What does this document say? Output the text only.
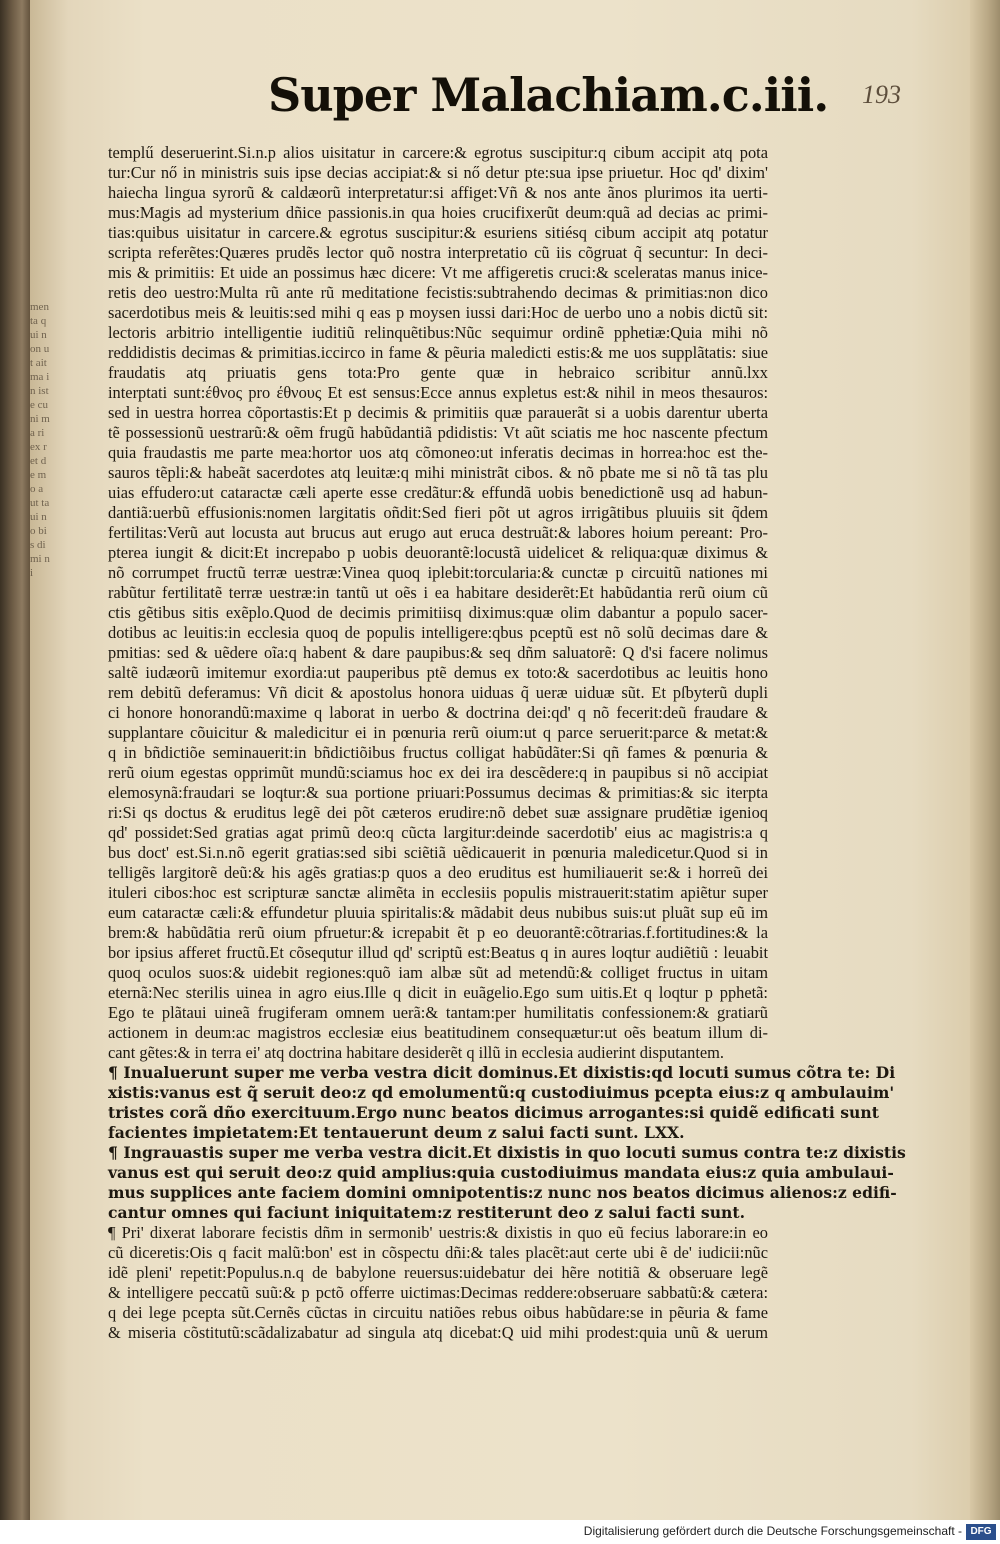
menta qui non ut ait ma in iste cu ni ma ri ex ret de mo a ut ta ui no bis di mi ni
Super Malachiam.c.iii. 193
templű deseruerint.Si.n.p alios uisitatur in carcere:& egrotus suscipitur:q cibum accipit atq pota
tur:Cur nő in ministris suis ipse decias accipiat:& si nő detur pte:sua ipse priuetur. Hoc qd' dixim'
haiecha lingua syrorũ & caldæorũ interpretatur:si affiget:Vñ & nos ante ãnos plurimos ita uerti-
mus:Magis ad mysterium dñice passionis.in qua hoies crucifixerũt deum:quã ad decias ac primi-
tias:quibus uisitatur in carcere.& egrotus suscipitur:& esuriens sitiésq cibum accipit atq potatur
scripta referẽtes:Quæres prudẽs lector quõ nostra interpretatio cũ iis cõgruat q̃ secuntur: In deci-
mis & primitiis: Et uide an possimus hæc dicere: Vt me affigeretis cruci:& sceleratas manus inice-
retis deo uestro:Multa rũ ante rũ meditatione fecistis:subtrahendo decimas & primitias:non dico
sacerdotibus meis & leuitis:sed mihi q eas p moysen iussi dari:Hoc de uerbo uno a nobis dictũ sit:
lectoris arbitrio intelligentie iuditiũ relinquẽtibus:Nũc sequimur ordinẽ pphetiæ:Quia mihi nõ
reddidistis decimas & primitias.iccirco in fame & pẽuria maledicti estis:& me uos supplãtatis: siue
fraudatis atq priuatis gens tota:Pro gente quæ in hebraico scribitur annũ.lxx
interptati sunt:έθνος pro έθνους Et est sensus:Ecce annus expletus est:& nihil in meos thesauros:
sed in uestra horrea cõportastis:Et p decimis & primitiis quæ parauerãt si a uobis darentur uberta
tẽ possessionũ uestrarũ:& oẽm frugũ habũdantiã pdidistis: Vt aũt sciatis me hoc nascente pfectum
quia fraudastis me parte mea:hortor uos atq cõmoneo:ut inferatis decimas in horrea:hoc est the-
sauros tẽpli:& habeãt sacerdotes atq leuitæ:q mihi ministrãt cibos. & nõ pbate me si nõ tã tas plu
uias effudero:ut cataractæ cæli aperte esse credãtur:& effundã uobis benedictionẽ usq ad habun-
dantiã:uerbũ effusionis:nomen largitatis oñdit:Sed fieri põt ut agros irrigãtibus pluuiis sit q̃dem
fertilitas:Verũ aut locusta aut brucus aut erugo aut eruca destruãt:& labores hoium pereant: Pro-
pterea iungit & dicit:Et increpabo p uobis deuorantẽ:locustã uidelicet & reliqua:quæ diximus &
nõ corrumpet fructũ terræ uestræ:Vinea quoq iplebit:torcularia:& cunctæ p circuitũ nationes mi
rabũtur fertilitatẽ terræ uestræ:in tantũ ut oẽs i ea habitare desiderẽt:Et habũdantia rerũ oium cũ
ctis gẽtibus sitis exẽplo.Quod de decimis primitiisq diximus:quæ olim dabantur a populo sacer-
dotibus ac leuitis:in ecclesia quoq de populis intelligere:qbus pceptũ est nõ solũ decimas dare &
pmitias: sed & uẽdere oĩa:q habent & dare paupibus:& seq dñm saluatorẽ: Q d'si facere nolimus
saltẽ iudæorũ imitemur exordia:ut pauperibus ptẽ demus ex toto:& sacerdotibus ac leuitis hono
rem debitũ deferamus: Vñ dicit & apostolus honora uiduas q̃ ueræ uiduæ sũt. Et pſbyterũ dupli
ci honore honorandũ:maxime q laborat in uerbo & doctrina dei:qd' q nõ fecerit:deũ fraudare &
supplantare cõuicitur & maledicitur ei in pœnuria rerũ oium:ut q parce seruerit:parce & metat:&
q in bñdictiõe seminauerit:in bñdictiõibus fructus colligat habũdãter:Si qñ fames & pœnuria &
rerũ oium egestas opprimũt mundũ:sciamus hoc ex dei ira descẽdere:q in paupibus si nõ accipiat
elemosynã:fraudari se loqtur:& sua portione priuari:Possumus decimas & primitias:& sic iterpta
ri:Si qs doctus & eruditus legẽ dei põt cæteros erudire:nõ debet suæ assignare prudẽtiæ igenioq
qd' possidet:Sed gratias agat primũ deo:q cũcta largitur:deinde sacerdotib' eius ac magistris:a q
bus doct' est.Si.n.nõ egerit gratias:sed sibi sciẽtiã uẽdicauerit in pœnuria maledicetur.Quod si in
telligẽs largitorẽ deũ:& his agẽs gratias:p quos a deo eruditus est humiliauerit se:& i horreũ dei
ituleri cibos:hoc est scripturæ sanctæ alimẽta in ecclesiis populis mistrauerit:statim apiẽtur super
eum cataractæ cæli:& effundetur pluuia spiritalis:& mãdabit deus nubibus suis:ut pluãt sup eũ im
brem:& habũdãtia rerũ oium pfruetur:& icrepabit ẽt p eo deuorantẽ:cõtrarias.f.fortitudines:& la
bor ipsius afferet fructũ.Et cõsequtur illud qd' scriptũ est:Beatus q in aures loqtur audiẽtiũ : leuabit
quoq oculos suos:& uidebit regiones:quõ iam albæ sũt ad metendũ:& colliget fructus in uitam
eternã:Nec sterilis uinea in agro eius.Ille q dicit in euãgelio.Ego sum uitis.Et q loqtur p pphetã:
Ego te plãtaui uineã frugiferam omnem uerã:& tantam:per humilitatis confessionem:& gratiarũ
actionem in deum:ac magistros ecclesiæ eius beatitudinem consequætur:ut oẽs beatum illum di-
cant gẽtes:& in terra ei' atq doctrina habitare desiderẽt q illũ in ecclesia audierint disputantem.
¶ Inualuerunt super me verba vestra dicit dominus.Et dixistis:qd locuti sumus cõtra te: Di
xistis:vanus est q̃ seruit deo:z qd emolumentũ:q custodiuimus pcepta eius:z q ambulauim'
tristes corã dño exercituum.Ergo nunc beatos dicimus arrogantes:si quidẽ edificati sunt
facientes impietatem:Et tentauerunt deum z salui facti sunt. LXX.
¶ Ingrauastis super me verba vestra dicit.Et dixistis in quo locuti sumus contra te:z dixistis
vanus est qui seruit deo:z quid amplius:quia custodiuimus mandata eius:z quia ambulaui-
mus supplices ante faciem domini omnipotentis:z nunc nos beatos dicimus alienos:z edifi-
cantur omnes qui faciunt iniquitatem:z restiterunt deo z salui facti sunt.
¶ Pri' dixerat laborare fecistis dñm in sermonib' uestris:& dixistis in quo eũ fecius laborare:in eo
cũ diceretis:Ois q facit malũ:bon' est in cõspectu dñi:& tales placẽt:aut certe ubi ẽ de' iudicii:nũc
idẽ pleni' repetit:Populus.n.q de babylone reuersus:uidebatur dei hẽre notitiã & obseruare legẽ
& intelligere peccatũ suũ:& p pctõ offerre uictimas:Decimas reddere:obseruare sabbatũ:& cætera:
q dei lege pcepta sũt.Cernẽs cũctas in circuitu natiões rebus oibus habũdare:se in pẽuria & fame
& miseria cõstitutũ:scãdalizabatur ad singula atq dicebat:Q uid mihi prodest:quia unũ & uerum
Digitalisierung gefördert durch die Deutsche Forschungsgemeinschaft - DFG
